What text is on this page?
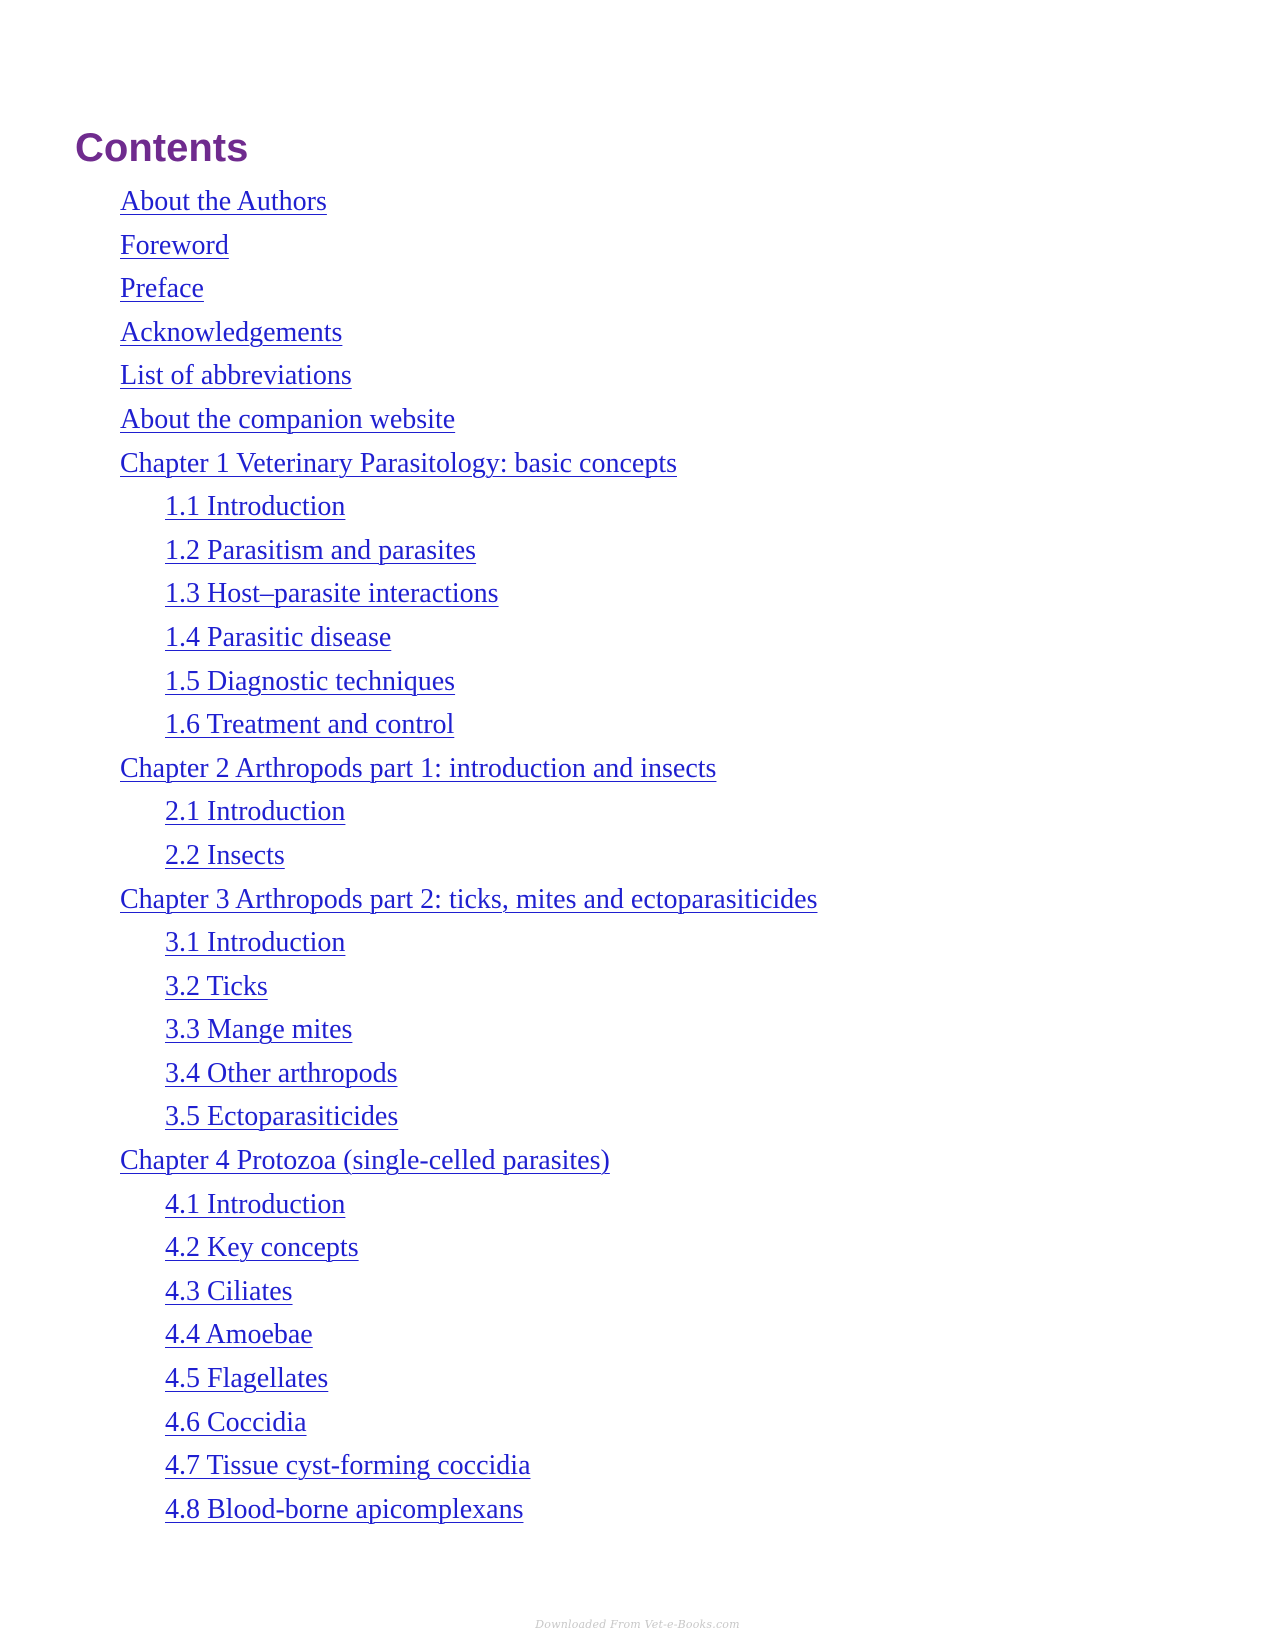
Contents
About the Authors
Foreword
Preface
Acknowledgements
List of abbreviations
About the companion website
Chapter 1 Veterinary Parasitology: basic concepts
1.1 Introduction
1.2 Parasitism and parasites
1.3 Host–parasite interactions
1.4 Parasitic disease
1.5 Diagnostic techniques
1.6 Treatment and control
Chapter 2 Arthropods part 1: introduction and insects
2.1 Introduction
2.2 Insects
Chapter 3 Arthropods part 2: ticks, mites and ectoparasiticides
3.1 Introduction
3.2 Ticks
3.3 Mange mites
3.4 Other arthropods
3.5 Ectoparasiticides
Chapter 4 Protozoa (single-celled parasites)
4.1 Introduction
4.2 Key concepts
4.3 Ciliates
4.4 Amoebae
4.5 Flagellates
4.6 Coccidia
4.7 Tissue cyst-forming coccidia
4.8 Blood-borne apicomplexans
Downloaded From Vet-e-Books.com
